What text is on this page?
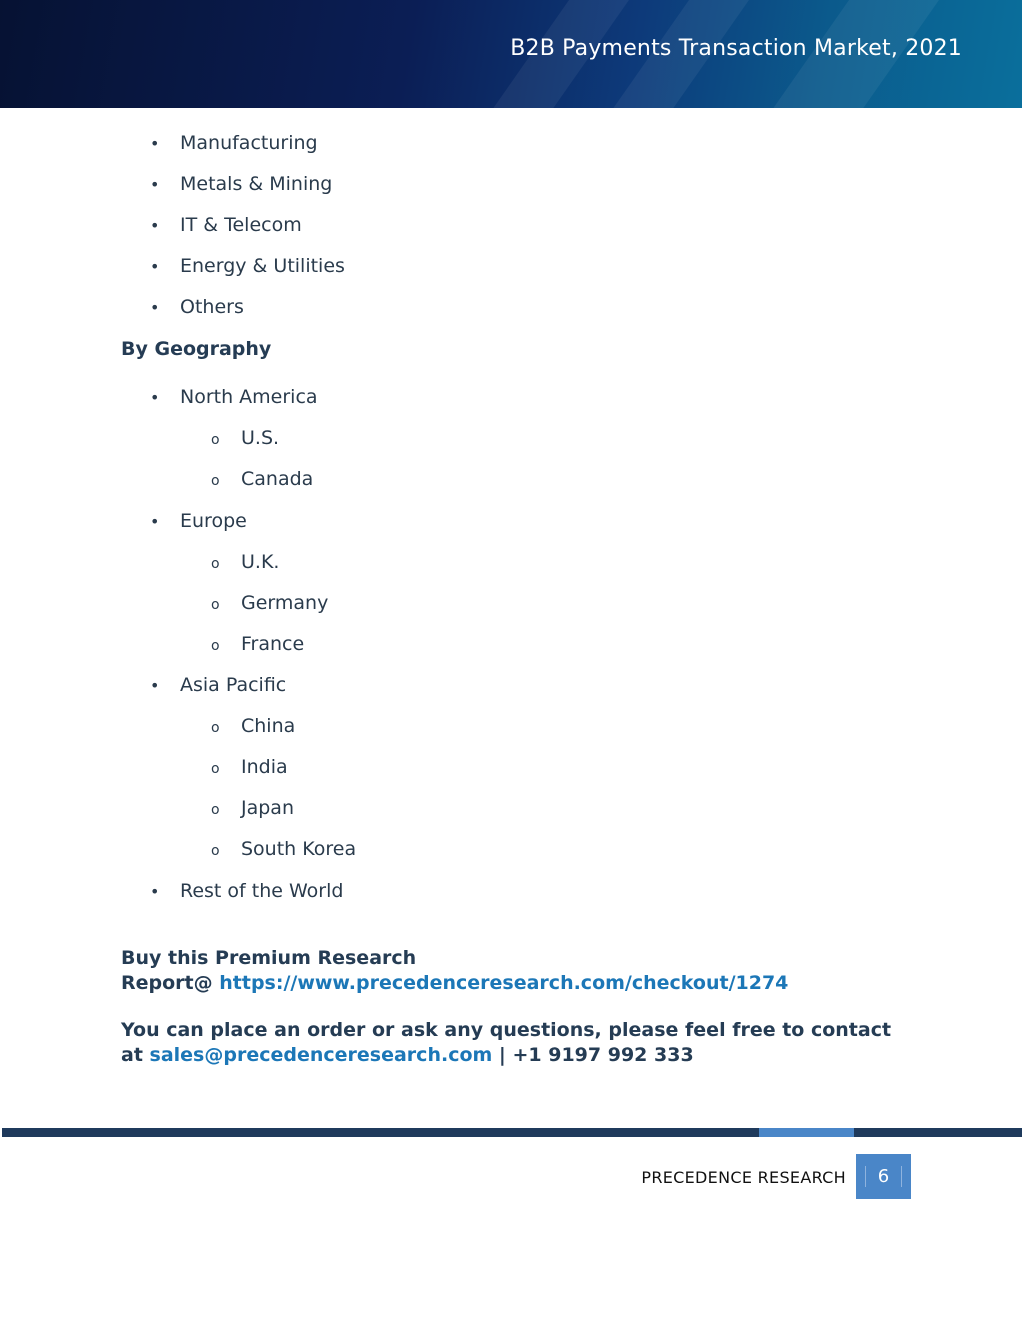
B2B Payments Transaction Market, 2021
• Manufacturing
• Metals & Mining
• IT & Telecom
• Energy & Utilities
• Others
By Geography
• North America
o U.S.
o Canada
• Europe
o U.K.
o Germany
o France
• Asia Pacific
o China
o India
o Japan
o South Korea
• Rest of the World
Buy this Premium Research
Report@ https://www.precedenceresearch.com/checkout/1274
You can place an order or ask any questions, please feel free to contact
at sales@precedenceresearch.com | +1 9197 992 333
PRECEDENCE RESEARCH	6
